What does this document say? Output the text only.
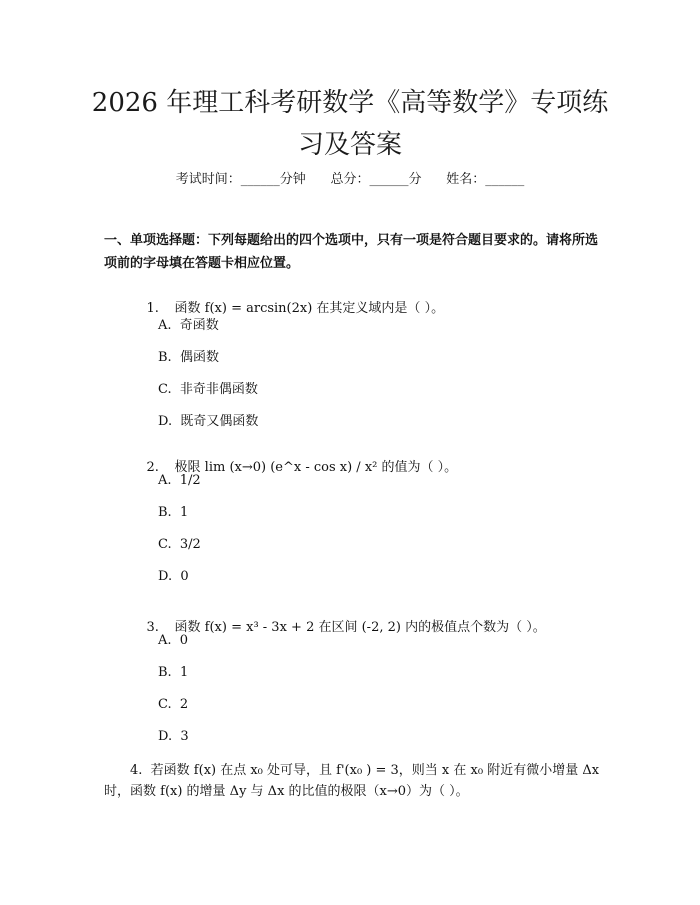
2026 年理工科考研数学《高等数学》专项练习及答案
考试时间：______分钟      总分：______分      姓名：______
一、单项选择题：下列每题给出的四个选项中，只有一项是符合题目要求的。请将所选项前的字母填在答题卡相应位置。

1. 函数 f(x) = arcsin(2x) 在其定义域内是（ ）。

A.  奇函数
B.  偶函数
C.  非奇非偶函数
D.  既奇又偶函数

2. 极限 lim (x→0) (e^x - cos x) / x² 的值为（ ）。

A.  1/2
B.  1
C.  3/2
D.  0

3. 函数 f(x) = x³ - 3x + 2 在区间 (-2, 2) 内的极值点个数为（ ）。

A.  0
B.  1
C.  2
D.  3
4. 若函数 f(x) 在点 x₀ 处可导，且 f'(x₀ ) = 3，则当 x 在 x₀ 附近有微小增量 Δx 时，函数 f(x) 的增量 Δy 与 Δx 的比值的极限（x→0）为（ ）。
